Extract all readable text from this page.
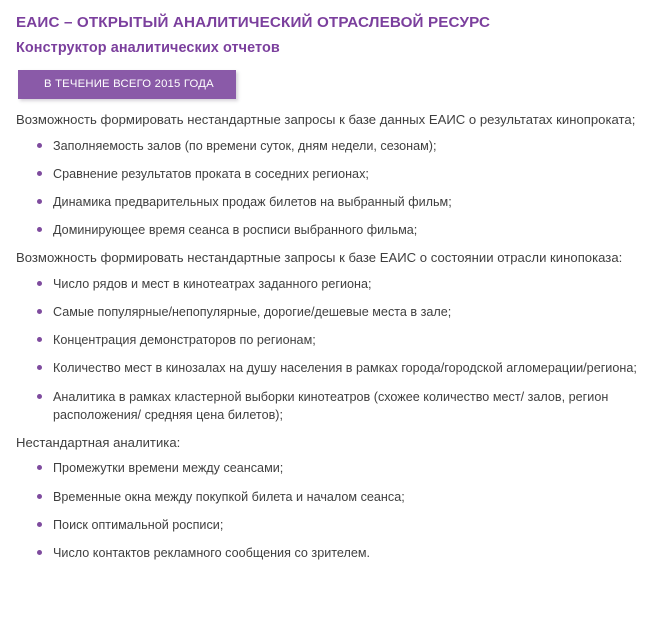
ЕАИС – ОТКРЫТЫЙ АНАЛИТИЧЕСКИЙ ОТРАСЛЕВОЙ РЕСУРС
Конструктор аналитических отчетов
В ТЕЧЕНИЕ ВСЕГО 2015 ГОДА

Возможность формировать нестандартные запросы к базе данных ЕАИС о результатах кинопроката;

Заполняемость залов (по времени суток, дням недели, сезонам);
Сравнение результатов проката в соседних регионах;
Динамика предварительных продаж билетов на выбранный фильм;
Доминирующее время сеанса в росписи выбранного фильма;

Возможность формировать нестандартные запросы к базе ЕАИС о состоянии отрасли кинопоказа:

Число рядов и мест в кинотеатрах заданного региона;
Самые популярные/непопулярные, дорогие/дешевые места в зале;
Концентрация демонстраторов по регионам;
Количество мест в кинозалах на душу населения в рамках города/городской агломерации/региона;
Аналитика в рамках кластерной выборки кинотеатров (схожее количество мест/ залов, регион расположения/ средняя цена билетов);

Нестандартная аналитика:

Промежутки времени между сеансами;
Временные окна между покупкой билета и началом сеанса;
Поиск оптимальной росписи;
Число контактов рекламного сообщения со зрителем.
